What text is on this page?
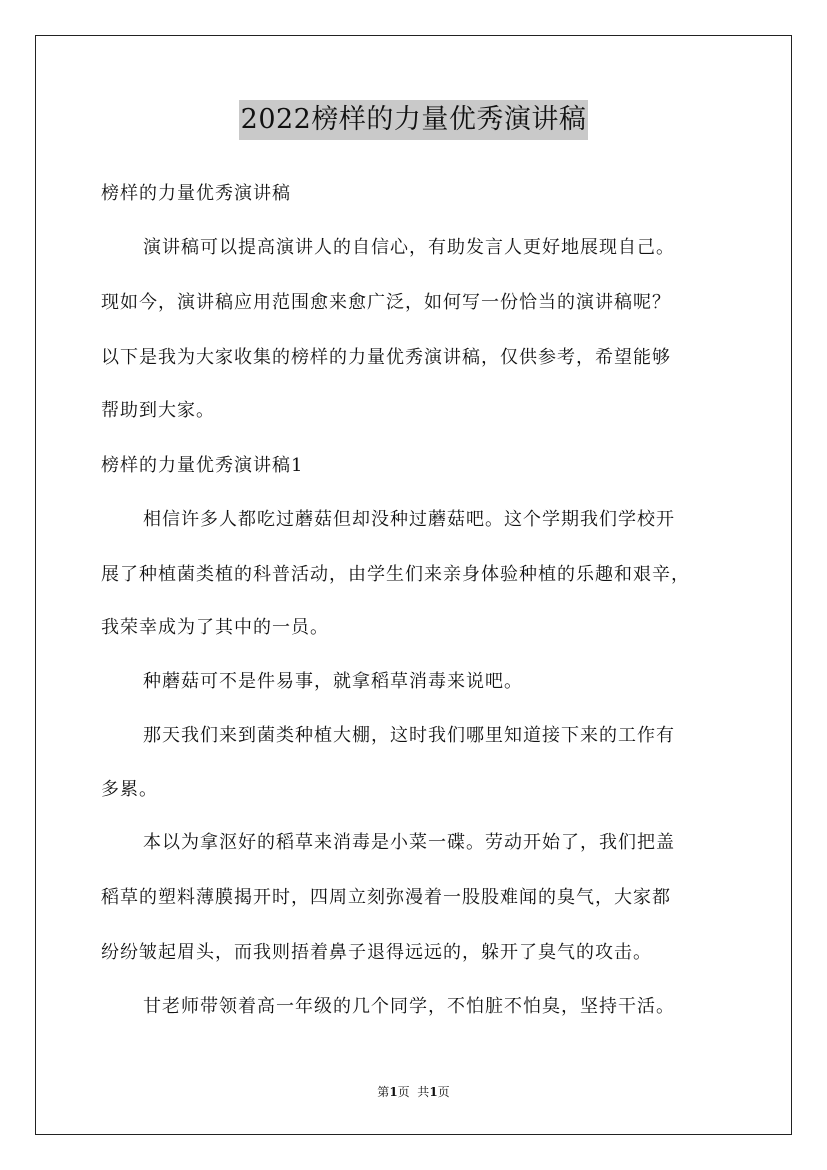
2022榜样的力量优秀演讲稿
榜样的力量优秀演讲稿
演讲稿可以提高演讲人的自信心，有助发言人更好地展现自己。
现如今，演讲稿应用范围愈来愈广泛，如何写一份恰当的演讲稿呢？
以下是我为大家收集的榜样的力量优秀演讲稿，仅供参考，希望能够
帮助到大家。
榜样的力量优秀演讲稿1
相信许多人都吃过蘑菇但却没种过蘑菇吧。这个学期我们学校开
展了种植菌类植的科普活动，由学生们来亲身体验种植的乐趣和艰辛，
我荣幸成为了其中的一员。
种蘑菇可不是件易事，就拿稻草消毒来说吧。
那天我们来到菌类种植大棚，这时我们哪里知道接下来的工作有
多累。
本以为拿沤好的稻草来消毒是小菜一碟。劳动开始了，我们把盖
稻草的塑料薄膜揭开时，四周立刻弥漫着一股股难闻的臭气，大家都
纷纷皱起眉头，而我则捂着鼻子退得远远的，躲开了臭气的攻击。
甘老师带领着高一年级的几个同学，不怕脏不怕臭，坚持干活。
第1页  共1页
